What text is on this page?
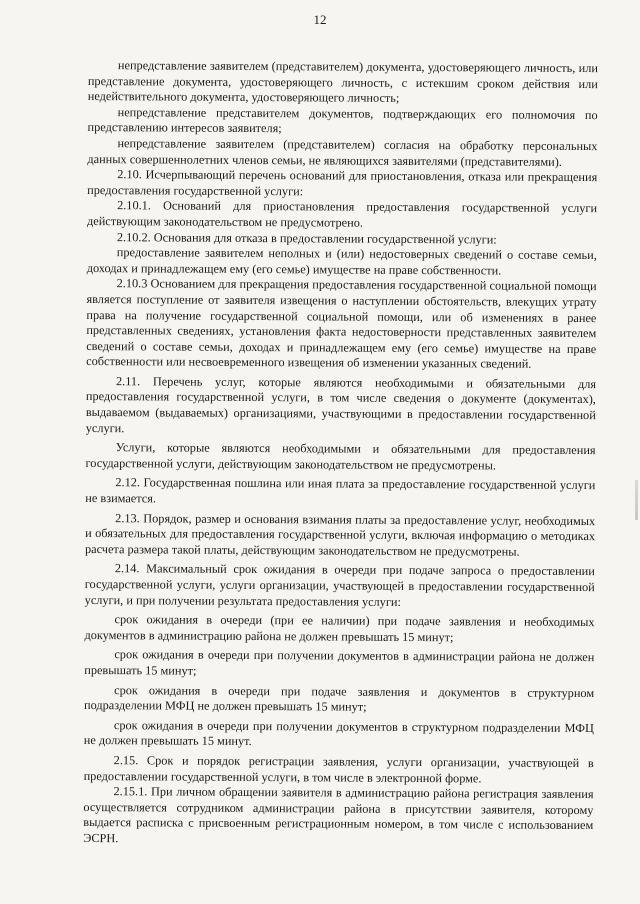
12

непредставление заявителем (представителем) документа, удостоверяющего личность, или представление документа, удостоверяющего личность, с истекшим сроком действия или недействительного документа, удостоверяющего личность;

непредставление представителем документов, подтверждающих его полномочия по представлению интересов заявителя;

непредставление заявителем (представителем) согласия на обработку персональных данных совершеннолетних членов семьи, не являющихся заявителями (представителями).

2.10. Исчерпывающий перечень оснований для приостановления, отказа или прекращения предоставления государственной услуги:

2.10.1. Оснований для приостановления предоставления государственной услуги действующим законодательством не предусмотрено.

2.10.2. Основания для отказа в предоставлении государственной услуги:

предоставление заявителем неполных и (или) недостоверных сведений о составе семьи, доходах и принадлежащем ему (его семье) имуществе на праве собственности.

2.10.3 Основанием для прекращения предоставления государственной социальной помощи является поступление от заявителя извещения о наступлении обстоятельств, влекущих утрату права на получение государственной социальной помощи, или об изменениях в ранее представленных сведениях, установления факта недостоверности представленных заявителем сведений о составе семьи, доходах и принадлежащем ему (его семье) имуществе на праве собственности или несвоевременного извещения об изменении указанных сведений.

2.11. Перечень услуг, которые являются необходимыми и обязательными для предоставления государственной услуги, в том числе сведения о документе (документах), выдаваемом (выдаваемых) организациями, участвующими в предоставлении государственной услуги.

Услуги, которые являются необходимыми и обязательными для предоставления государственной услуги, действующим законодательством не предусмотрены.

2.12. Государственная пошлина или иная плата за предоставление государственной услуги не взимается.

2.13. Порядок, размер и основания взимания платы за предоставление услуг, необходимых и обязательных для предоставления государственной услуги, включая информацию о методиках расчета размера такой платы, действующим законодательством не предусмотрены.

2.14. Максимальный срок ожидания в очереди при подаче запроса о предоставлении государственной услуги, услуги организации, участвующей в предоставлении государственной услуги, и при получении результата предоставления услуги:

срок ожидания в очереди (при ее наличии) при подаче заявления и необходимых документов в администрацию района не должен превышать 15 минут;

срок ожидания в очереди при получении документов в администрации района не должен превышать 15 минут;

срок ожидания в очереди при подаче заявления и документов в структурном подразделении МФЦ не должен превышать 15 минут;

срок ожидания в очереди при получении документов в структурном подразделении МФЦ не должен превышать 15 минут.

2.15. Срок и порядок регистрации заявления, услуги организации, участвующей в предоставлении государственной услуги, в том числе в электронной форме.

2.15.1. При личном обращении заявителя в администрацию района регистрация заявления осуществляется сотрудником администрации района в присутствии заявителя, которому выдается расписка с присвоенным регистрационным номером, в том числе с использованием ЭСРН.
